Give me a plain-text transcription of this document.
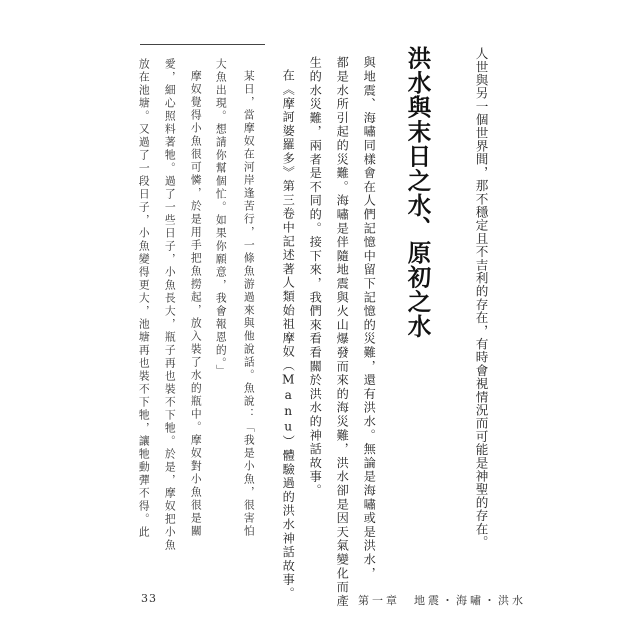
人世與另一個世界間，那不穩定且不吉利的存在，有時會視情況而可能是神聖的存在。
洪水與末日之水
、原初之水
與地震、海嘯同樣會在人們記憶中留下記憶的災難，還有洪水。無論是海嘯或是洪水，
都是水所引起的災難。海嘯是伴隨地震與火山爆發而來的海災難，洪水卻是因天氣變化而產
生的水災難，兩者是不同的。接下來，我們來看看關於洪水的神話故事。
在《摩訶婆羅多》第三卷中記述著人類始祖摩奴（Manu）體驗過的洪水神話故事。
某日，當摩奴在河岸逢苦行，一條魚游過來與他說話。魚說：「我是小魚，很害怕
大魚出現。想請你幫個忙。如果你願意，我會報恩的。」
摩奴覺得小魚很可憐，於是用手把魚撈起，放入裝了水的瓶中。摩奴對小魚很是關
愛，細心照料著牠。過了一些日子，小魚長大，瓶子再也裝不下牠。於是，摩奴把小魚
放在池塘。又過了一段日子，小魚變得更大，池塘再也裝不下牠，讓牠動彈不得。此
33	第一章　地震・海嘯・洪水
